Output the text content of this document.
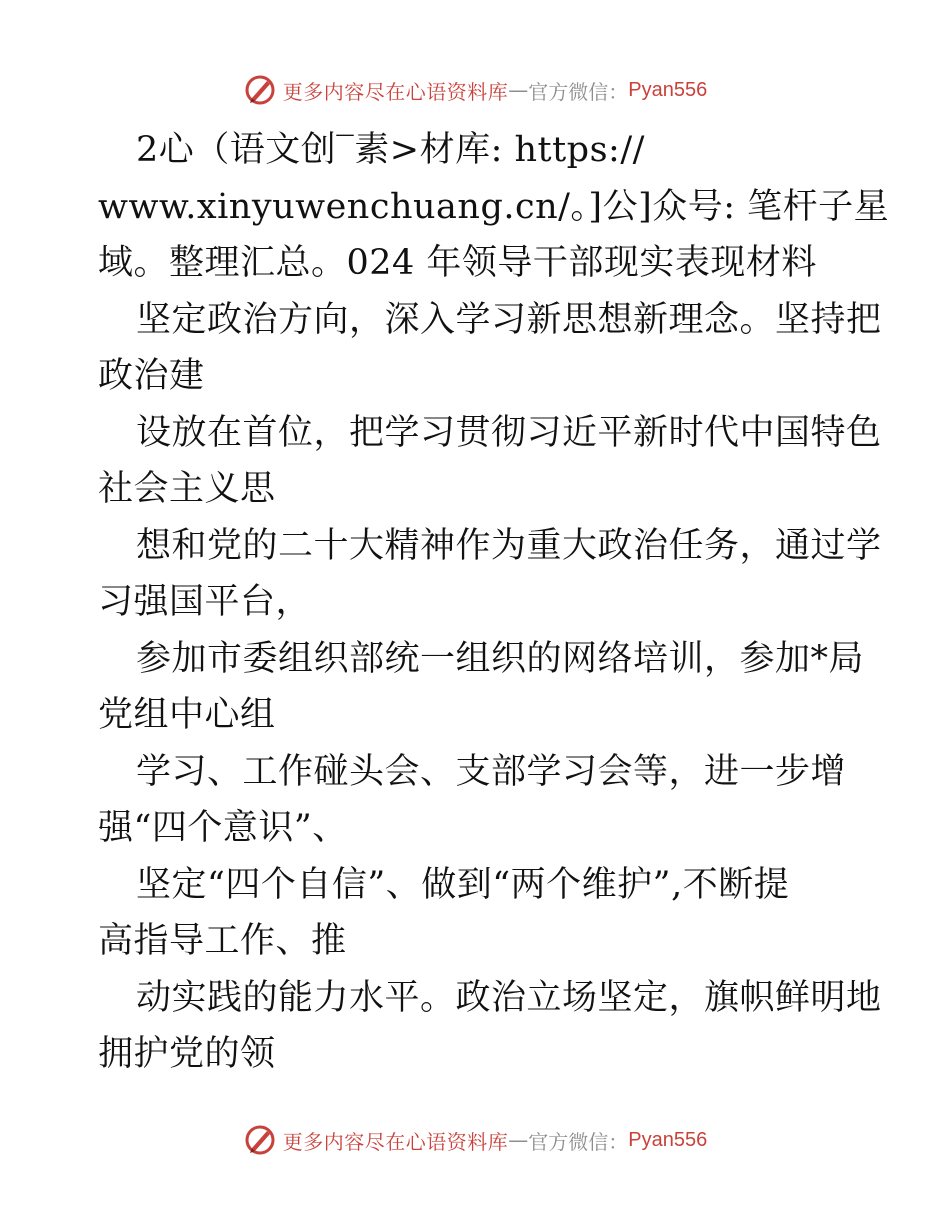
更多内容尽在心语资料库 — 官方微信： Pyan556
2心（语文创‾素>材库: https://
www.xinyuwenchuang.cn/。]公]众号: 笔杆子星
域。整理汇总。024 年领导干部现实表现材料
坚定政治方向，深入学习新思想新理念。坚持把
政治建
设放在首位，把学习贯彻习近平新时代中国特色
社会主义思
想和党的二十大精神作为重大政治任务，通过学
习强国平台，
参加市委组织部统一组织的网络培训，参加*局
党组中心组
学习、工作碰头会、支部学习会等，进一步增
强“四个意识”、
坚定“四个自信”、做到“两个维护”,不断提
高指导工作、推
动实践的能力水平。政治立场坚定，旗帜鲜明地
拥护党的领
更多内容尽在心语资料库 — 官方微信： Pyan556
